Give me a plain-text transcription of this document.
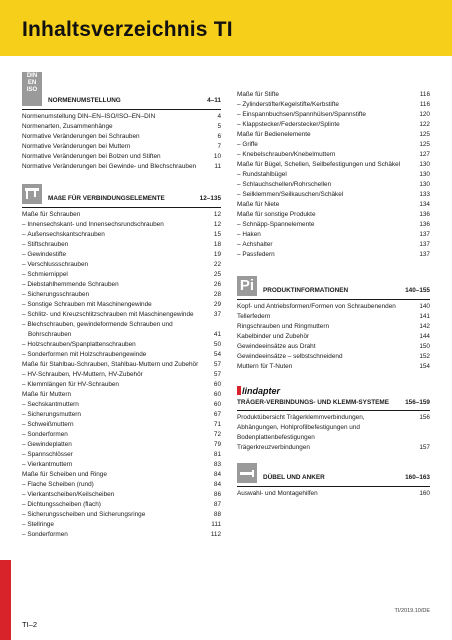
Inhaltsverzeichnis TI
DIN
EN
ISO
NORMENUMSTELLUNG	4–11
Normenumstellung DIN–EN–ISO/ISO–EN–DIN	4
Normenarten, Zusammenhänge	5
Normative Veränderungen bei Schrauben	6
Normative Veränderungen bei Muttern	7
Normative Veränderungen bei Bolzen und Stiften	10
Normative Veränderungen bei Gewinde- und Blechschrauben	11
MAßE FÜR VERBINDUNGSELEMENTE	12–135
Maße für Schrauben	12
– Innensechskant- und Innensechsrundschrauben	12
– Außensechskantschrauben	15
– Stiftschrauben	18
– Gewindestifte	19
– Verschlussschrauben	22
– Schmiernippel	25
– Diebstahlhemmende Schrauben	26
– Sicherungsschrauben	28
– Sonstige Schrauben mit Maschinengewinde	29
– Schlitz- und Kreuzschlitzschrauben mit Maschinengewinde	37
– Blechschrauben, gewindeformende Schrauben und
Bohrschrauben	41
– Holzschrauben/Spanplattenschrauben	50
– Sonderformen mit Holzschraubengewinde	54
Maße für Stahlbau-Schrauben, Stahlbau-Muttern und Zubehör	57
– HV-Schrauben, HV-Muttern, HV-Zubehör	57
– Klemmlängen für HV-Schrauben	60
Maße für Muttern	60
– Sechskantmuttern	60
– Sicherungsmuttern	67
– Schweißmuttern	71
– Sonderformen	72
– Gewindeplatten	79
– Spannschlösser	81
– Vierkantmuttern	83
Maße für Scheiben und Ringe	84
– Flache Scheiben (rund)	84
– Vierkantscheiben/Keilscheiben	86
– Dichtungsscheiben (flach)	87
– Sicherungsscheiben und Sicherungsringe	88
– Stellringe	111
– Sonderformen	112
Maße für Stifte	116
– Zylinderstifte/Kegelstifte/Kerbstifte	116
– Einspannbuchsen/Spannhülsen/Spannstifte	120
– Klappstecker/Federstecker/Splinte	122
Maße für Bedienelemente	125
– Griffe	125
– Knebelschrauben/Knebelmuttern	127
Maße für Bügel, Schellen, Seilbefestigungen und Schäkel	130
– Rundstahlbügel	130
– Schlauchschellen/Rohrschellen	130
– Seilklemmen/Seilkauschen/Schäkel	133
Maße für Niete	134
Maße für sonstige Produkte	136
– Schnäpp-Spannelemente	136
– Haken	137
– Achshalter	137
– Passfedern	137
Pi	PRODUKTINFORMATIONEN	140–155
Kopf- und Antriebsformen/Formen von Schraubenenden	140
Tellerfedern	141
Ringschrauben und Ringmuttern	142
Kabelbinder und Zubehör	144
Gewindeeinsätze aus Draht	150
Gewindeeinsätze – selbstschneidend	152
Muttern für T-Nuten	154
lindapter
TRÄGER-VERBINDUNGS- UND KLEMM-SYSTEME	156–159
Produktübersicht Trägerklemmverbindungen,	156
Abhängungen, Hohlprofilbefestigungen und
Bodenplattenbefestigungen
Trägerkreuzverbindungen	157
DÜBEL UND ANKER	160–163
Auswahl- und Montagehilfen	160
TI/2019.10/DE
TI–2
